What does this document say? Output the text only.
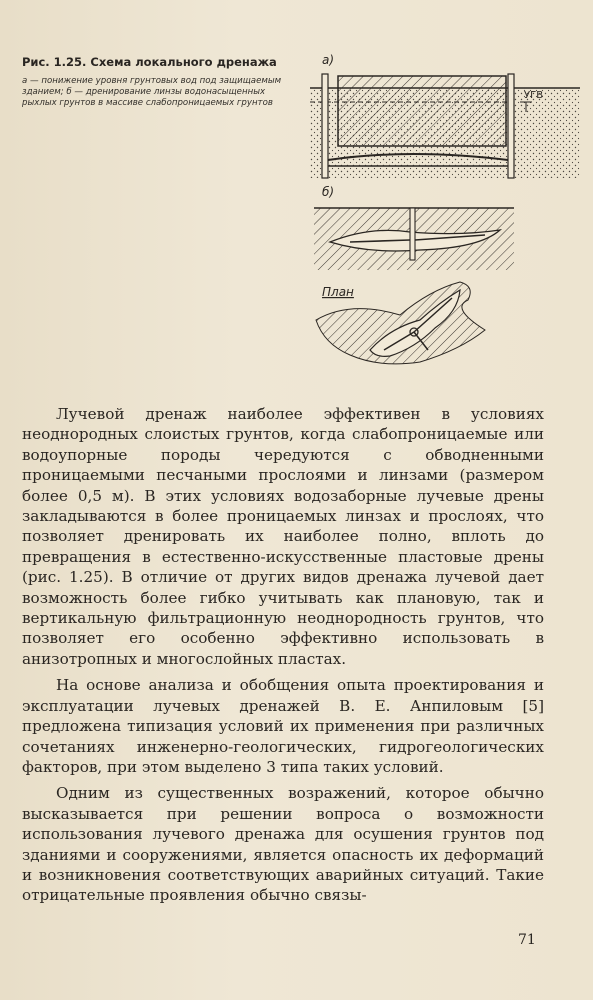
Рис. 1.25. Схема локального дренажа
а — понижение уровня грунтовых вод под защищаемым зданием; б — дренирование линзы водонасыщенных рыхлых грунтов в массиве слабопроницаемых грунтов
а)
УГВ
б)
План

Лучевой дренаж наиболее эффективен в условиях неоднородных слоистых грунтов, когда слабопроницаемые или водоупорные породы чередуются с обводненными проницаемыми песчаными прослоями и линзами (размером более 0,5 м). В этих условиях водозаборные лучевые дрены закладываются в более проницаемых линзах и прослоях, что позволяет дренировать их наиболее полно, вплоть до превращения в естественно-искусственные пластовые дрены (рис. 1.25). В отличие от других видов дренажа лучевой дает возможность более гибко учитывать как плановую, так и вертикальную фильтрационную неоднородность грунтов, что позволяет его особенно эффективно использовать в анизотропных и многослойных пластах.

На основе анализа и обобщения опыта проектирования и эксплуатации лучевых дренажей В. Е. Анпиловым [5] предложена типизация условий их применения при различных сочетаниях инженерно-геологических, гидрогеологических факторов, при этом выделено 3 типа таких условий.

Одним из существенных возражений, которое обычно высказывается при решении вопроса о возможности использования лучевого дренажа для осушения грунтов под зданиями и сооружениями, является опасность их деформаций и возникновения соответствующих аварийных ситуаций. Такие отрицательные проявления обычно связы-

71
